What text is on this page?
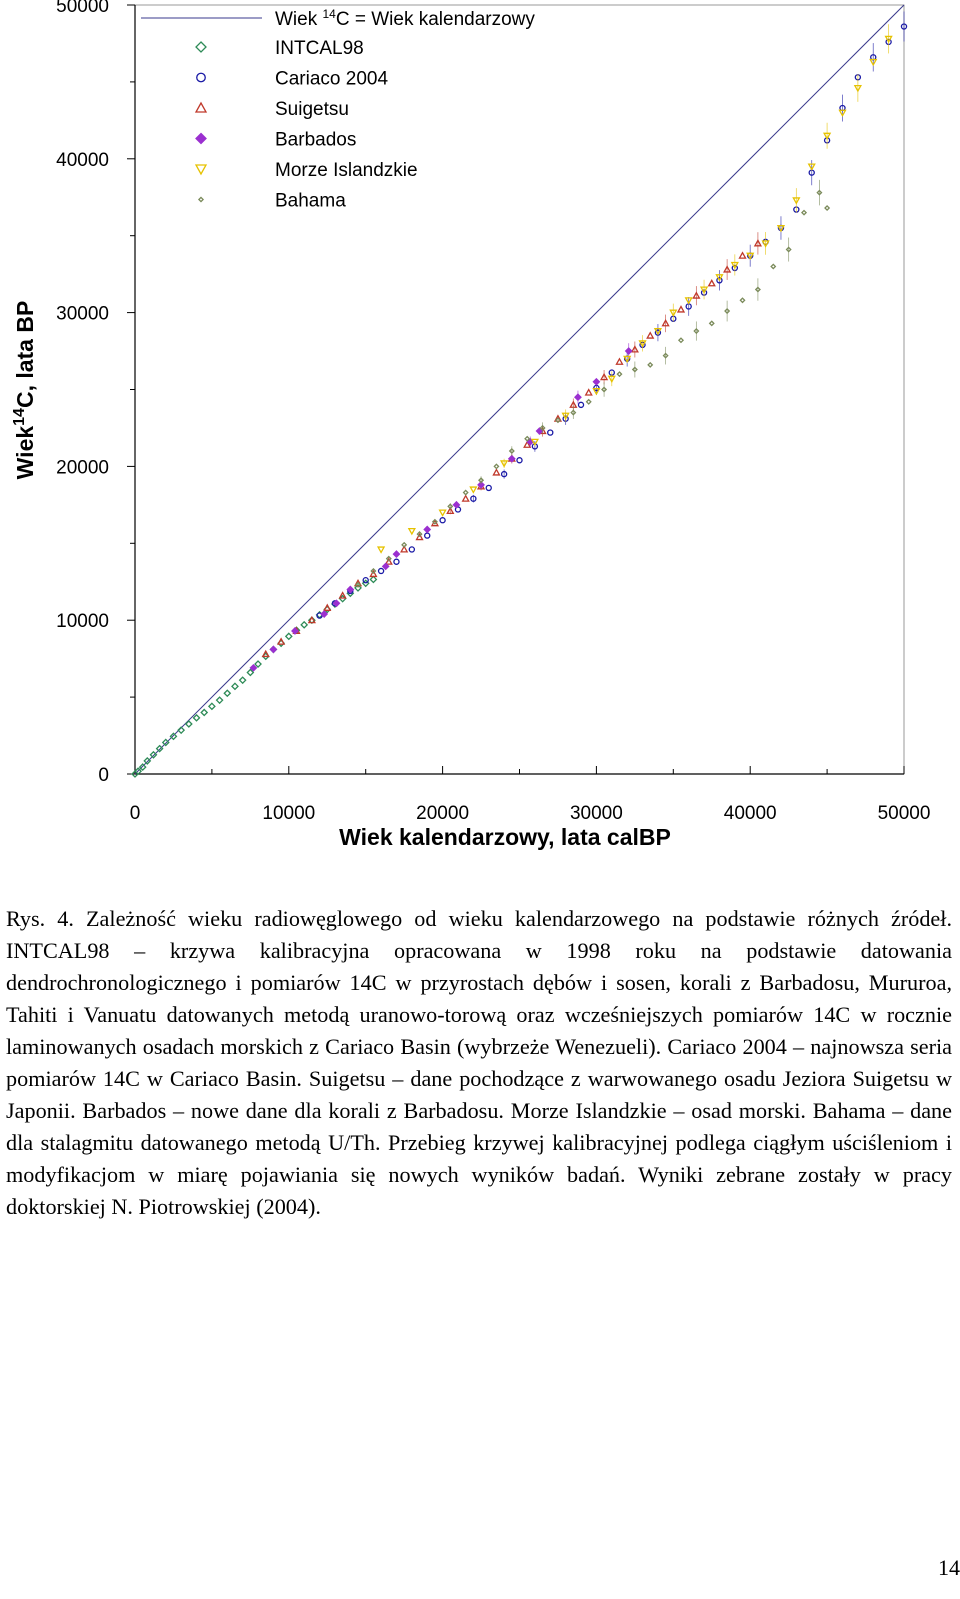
0	10000	20000	30000	40000	50000
0
10000
20000
30000
40000
50000
Wiek kalendarzowy, lata calBP
Wiek$^{14}$C, lata BP
Wiek $^{14}$C = Wiek kalendarzowy
INTCAL98
Cariaco 2004
Suigetsu
Barbados
Morze Islandzkie
Bahama

Rys. 4. Zależność wieku radiowęglowego od wieku kalendarzowego na podstawie różnych źródeł. INTCAL98 – krzywa kalibracyjna opracowana w 1998 roku na podstawie datowania dendrochronologicznego i pomiarów 14C w przyrostach dębów i sosen, korali z Barbadosu, Mururoa, Tahiti i Vanuatu datowanych metodą uranowo-torową oraz wcześniejszych pomiarów 14C w rocznie laminowanych osadach morskich z Cariaco Basin (wybrzeże Wenezueli). Cariaco 2004 – najnowsza seria pomiarów 14C w Cariaco Basin. Suigetsu – dane pochodzące z warwowanego osadu Jeziora Suigetsu w Japonii. Barbados – nowe dane dla korali z Barbadosu. Morze Islandzkie – osad morski. Bahama – dane dla stalagmitu datowanego metodą U/Th. Przebieg krzywej kalibracyjnej podlega ciągłym uściśleniom i modyfikacjom w miarę pojawiania się nowych wyników badań. Wyniki zebrane zostały w pracy doktorskiej N. Piotrowskiej (2004).

14
